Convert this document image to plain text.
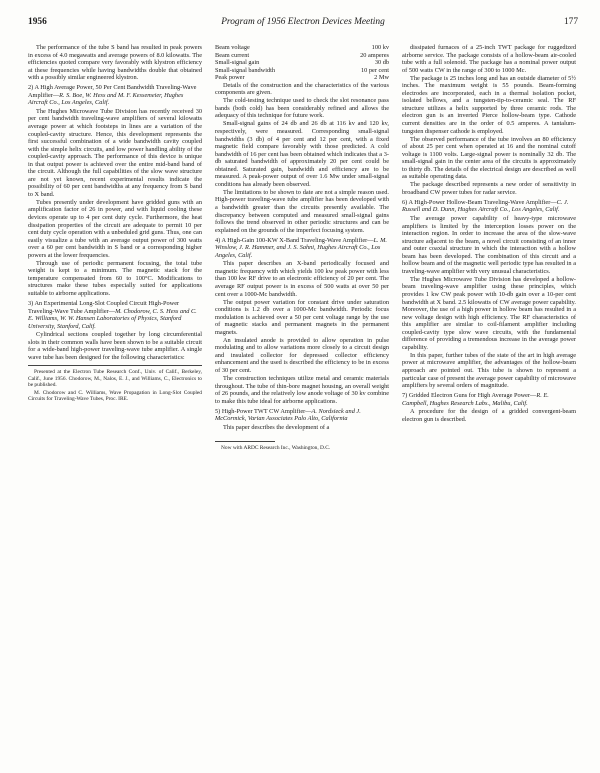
1956	Program of 1956 Electron Devices Meeting	177

The performance of the tube S band has resulted in peak powers in excess of 4.0 megawatts and average powers of 8.0 kilowatts. The efficiencies quoted compare very favorably with klystron efficiency at these frequencies while having bandwidths double that obtained with a possibly similar engineered klystron.

2) A High Average Power, 50 Per Cent Bandwidth Traveling-Wave Amplifier—R. S. Boe, W. Hess and M. F. Kessemeier, Hughes Aircraft Co., Los Angeles, Calif.

The Hughes Microwave Tube Division has recently received 30 per cent bandwidth traveling-wave amplifiers of several kilowatts average power at which footsteps in lines are a variation of the coupled-cavity structure. Hence, this development represents the first successful combination of a wide bandwidth cavity coupled with the simple helix circuits, and low power handling ability of the coupled-cavity approach. The performance of this device is unique in that output power is achieved over the entire mid-band band of the circuit. Although the full capabilities of the slow wave structure are not yet known, recent experimental results indicate the possibility of 60 per cent bandwidths at any frequency from S band to X band.

Tubes presently under development have gridded guns with an amplification factor of 26 in power, and with liquid cooling these devices operate up to 4 per cent duty cycle. Furthermore, the heat dissipation properties of the circuit are adequate to permit 10 per cent duty cycle operation with a unbeduled grid guns. Thus, one can easily visualize a tube with an average output power of 300 watts over a 60 per cent bandwidth in S band or a corresponding higher powers at the lower frequencies.

Through use of periodic permanent focusing, the total tube weight is kept to a minimum. The magnetic stack for the temperature compensated from 60 to 100°C. Modifications to structures make these tubes especially suited for applications suitable to airborne applications.

3) An Experimental Long-Slot Coupled Circuit High-Power Traveling-Wave Tube Amplifier—M. Chodorow, C. S. Hess and C. E. Williams, W. W. Hansen Laboratories of Physics, Stanford University, Stanford, Calif.

Cylindrical sections coupled together by long circumferential slots in their common walls have been shown to be a suitable circuit for a wide-band high-power traveling-wave tube amplifier. A single wave tube has been designed for the following characteristics:

Presented at the Electron Tube Research Conf., Univ. of Calif., Berkeley, Calif., June 1956. Chodorow, M., Nalos, E. J., and Williams, C., Electronics to be published.

M. Chodorow and C. Williams, Wave Propagation in Long-Slot Coupled Circuits for Traveling-Wave Tubes, Proc. IRE.

Beam voltage	100 kv
Beam current	20 amperes
Small-signal gain	30 db
Small-signal bandwidth	10 per cent
Peak power	2 Mw

Details of the construction and the characteristics of the various components are given.

The cold-testing technique used to check the slot resonance pass bands (both cold) has been considerably refined and allows the adequacy of this technique for future work.

Small-signal gains of 24 db and 26 db at 116 kv and 120 kv, respectively, were measured. Corresponding small-signal bandwidths (3 db) of 4 per cent and 12 per cent, with a fixed magnetic field compare favorably with those predicted. A cold bandwidth of 16 per cent has been obtained which indicates that a 3-db saturated bandwidth of approximately 20 per cent could be obtained. Saturated gain, bandwidth and efficiency are to be measured. A peak-power output of over 1.6 Mw under small-signal conditions has already been observed.

The limitations to be shown to date are not a simple reason used. High-power traveling-wave tube amplifier has been developed with a bandwidth greater than the circuits presently available. The discrepancy between computed and measured small-signal gains follows the trend observed in other periodic structures and can be explained on the grounds of the imperfect focusing system.

4) A High-Gain 100-KW X-Band Traveling-Wave Amplifier—L. M. Winslow, J. R. Hammer, and J. S. Sahni, Hughes Aircraft Co., Los Angeles, Calif.

This paper describes an X-band periodically focused and magnetic frequency with which yields 100 kw peak power with less than 100 kw RF drive to an electronic efficiency of 20 per cent. The average RF output power is in excess of 500 watts at over 50 per cent over a 1000-Mc bandwidth.

The output power variation for constant drive under saturation conditions is 1.2 db over a 1000-Mc bandwidth. Periodic focus modulation is achieved over a 50 per cent voltage range by the use of magnetic stacks and permanent magnets in the permanent magnets.

An insulated anode is provided to allow operation in pulse modulating and to allow variations more closely to a circuit design and insulated collector for depressed collector efficiency enhancement and the used is described the efficiency to be in excess of 30 per cent.

The construction techniques utilize metal and ceramic materials throughout. The tube of thin-bore magnet housing, an overall weight of 26 pounds, and the relatively low anode voltage of 30 kv combine to make this tube ideal for airborne applications.

5) High-Power TWT CW Amplifier—A. Nordsieck and J. McCormick, Varian Associates Palo Alto, California

This paper describes the development of a

Now with ARDC Research Inc., Washington, D.C.

dissipated furnaces of a 25-inch TWT package for ruggedized airborne service. The package consists of a hollow-beam air-cooled tube with a full solenoid. The package has a nominal power output of 500 watts CW in the range of 300 to 1000 Mc.

The package is 25 inches long and has an outside diameter of 5½ inches. The maximum weight is 55 pounds. Beam-forming electrodes are incorporated, each in a thermal isolation pocket, isolated bellows, and a tungsten-tip-to-ceramic seal. The RF structure utilizes a helix supported by three ceramic rods. The electron gun is an inverted Pierce hollow-beam type. Cathode current densities are in the order of 0.5 amperes. A tantalum-tungsten dispenser cathode is employed.

The observed performance of the tube involves an 80 efficiency of about 25 per cent when operated at 16 and the nominal cutoff voltage is 1100 volts. Large-signal power is nominally 32 db. The small-signal gain in the center area of the circuits is approximately to thirty db. The details of the electrical design are described as well as suitable operating data.

The package described represents a new order of sensitivity in broadband CW power tubes for radar service.

6) A High-Power Hollow-Beam Traveling-Wave Amplifier—C. J. Russell and D. Dunn, Hughes Aircraft Co., Los Angeles, Calif.

The average power capability of heavy-type microwave amplifiers is limited by the interception losses power on the interaction region. In order to increase the area of the slow-wave structure adjacent to the beam, a novel circuit consisting of an inner and outer coaxial structure in which the interaction with a hollow beam has been developed. The combination of this circuit and a hollow beam and of the magnetic well periodic type has resulted in a traveling-wave amplifier with very unusual characteristics.

The Hughes Microwave Tube Division has developed a hollow-beam traveling-wave amplifier using these principles, which provides 1 kw CW peak power with 10-db gain over a 10-per cent bandwidth at X band. 2.5 kilowatts of CW average power capability. Moreover, the use of a high power in hollow beam has resulted in a new voltage design with high efficiency. The RF characteristics of this amplifier are similar to coil-filament amplifier including coupled-cavity type slow wave circuits, with the fundamental difference of providing a tremendous increase in the average power capability.

In this paper, further tubes of the state of the art in high average power at microwave amplifier, the advantages of the hollow-beam approach are pointed out. This tube is shown to represent a particular case of present the average power capability of microwave amplifiers by several orders of magnitude.

7) Gridded Electron Guns for High Average Power—R. E. Campbell, Hughes Research Labs., Malibu, Calif.

A procedure for the design of a gridded convergent-beam electron gun is described.
